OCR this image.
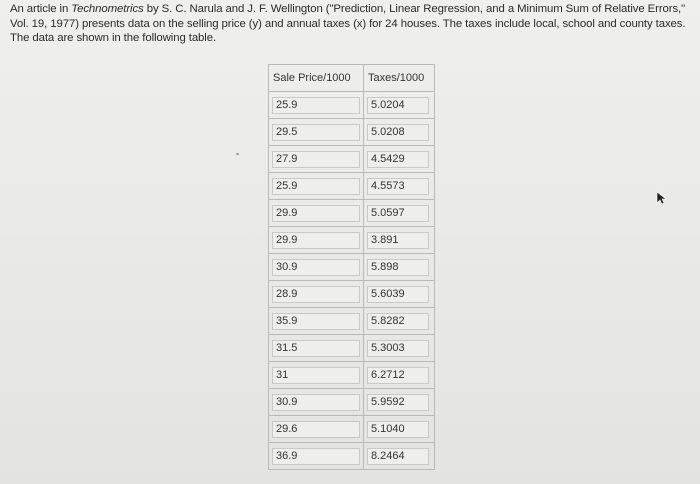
An article in Technometrics by S. C. Narula and J. F. Wellington ("Prediction, Linear Regression, and a Minimum Sum of Relative Errors,"

Vol. 19, 1977) presents data on the selling price (y) and annual taxes (x) for 24 houses. The taxes include local, school and county taxes.

The data are shown in the following table.

Sale Price/1000	Taxes/1000

25.9	5.0204

29.5	5.0208

27.9	4.5429

25.9	4.5573

29.9	5.0597

29.9	3.891

30.9	5.898

28.9	5.6039

35.9	5.8282

31.5	5.3003

31	6.2712

30.9	5.9592

29.6	5.1040

36.9	8.2464
